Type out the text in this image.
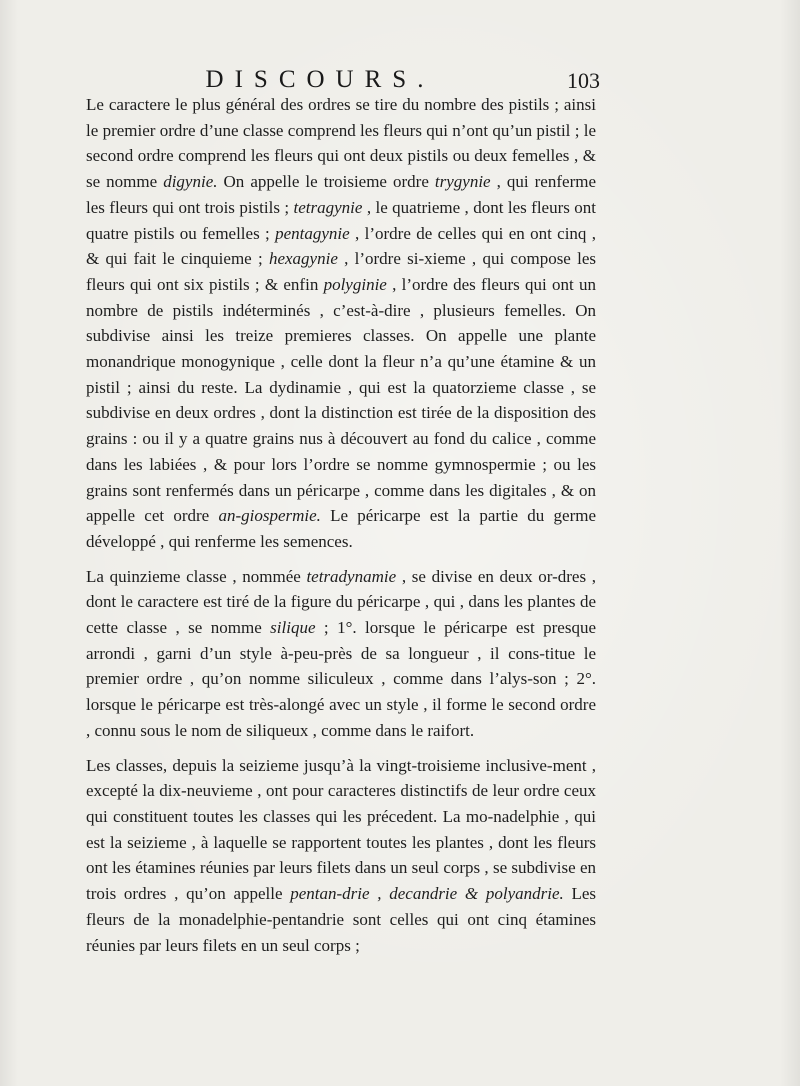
DISCOURS.	103

Le caractere le plus général des ordres se tire du nombre des pistils ; ainsi le premier ordre d’une classe comprend les fleurs qui n’ont qu’un pistil ; le second ordre comprend les fleurs qui ont deux pistils ou deux femelles , & se nomme digynie. On appelle le troisieme ordre trygynie , qui renferme les fleurs qui ont trois pistils ; tetragynie , le quatrieme , dont les fleurs ont quatre pistils ou femelles ; pentagynie , l’ordre de celles qui en ont cinq , & qui fait le cinquieme ; hexagynie , l’ordre si-xieme , qui compose les fleurs qui ont six pistils ; & enfin polyginie , l’ordre des fleurs qui ont un nombre de pistils indéterminés , c’est-à-dire , plusieurs femelles. On subdivise ainsi les treize premieres classes. On appelle une plante monandrique monogynique , celle dont la fleur n’a qu’une étamine & un pistil ; ainsi du reste. La dydinamie , qui est la quatorzieme classe , se subdivise en deux ordres , dont la distinction est tirée de la disposition des grains : ou il y a quatre grains nus à découvert au fond du calice , comme dans les labiées , & pour lors l’ordre se nomme gymnospermie ; ou les grains sont renfermés dans un péricarpe , comme dans les digitales , & on appelle cet ordre an-giospermie. Le péricarpe est la partie du germe développé , qui renferme les semences.

La quinzieme classe , nommée tetradynamie , se divise en deux or-dres , dont le caractere est tiré de la figure du péricarpe , qui , dans les plantes de cette classe , se nomme silique ; 1°. lorsque le péricarpe est presque arrondi , garni d’un style à-peu-près de sa longueur , il cons-titue le premier ordre , qu’on nomme siliculeux , comme dans l’alys-son ; 2°. lorsque le péricarpe est très-alongé avec un style , il forme le second ordre , connu sous le nom de siliqueux , comme dans le raifort.

Les classes, depuis la seizieme jusqu’à la vingt-troisieme inclusive-ment , excepté la dix-neuvieme , ont pour caracteres distinctifs de leur ordre ceux qui constituent toutes les classes qui les précedent. La mo-nadelphie , qui est la seizieme , à laquelle se rapportent toutes les plantes , dont les fleurs ont les étamines réunies par leurs filets dans un seul corps , se subdivise en trois ordres , qu’on appelle pentan-drie , decandrie & polyandrie. Les fleurs de la monadelphie-pentandrie sont celles qui ont cinq étamines réunies par leurs filets en un seul corps ;
